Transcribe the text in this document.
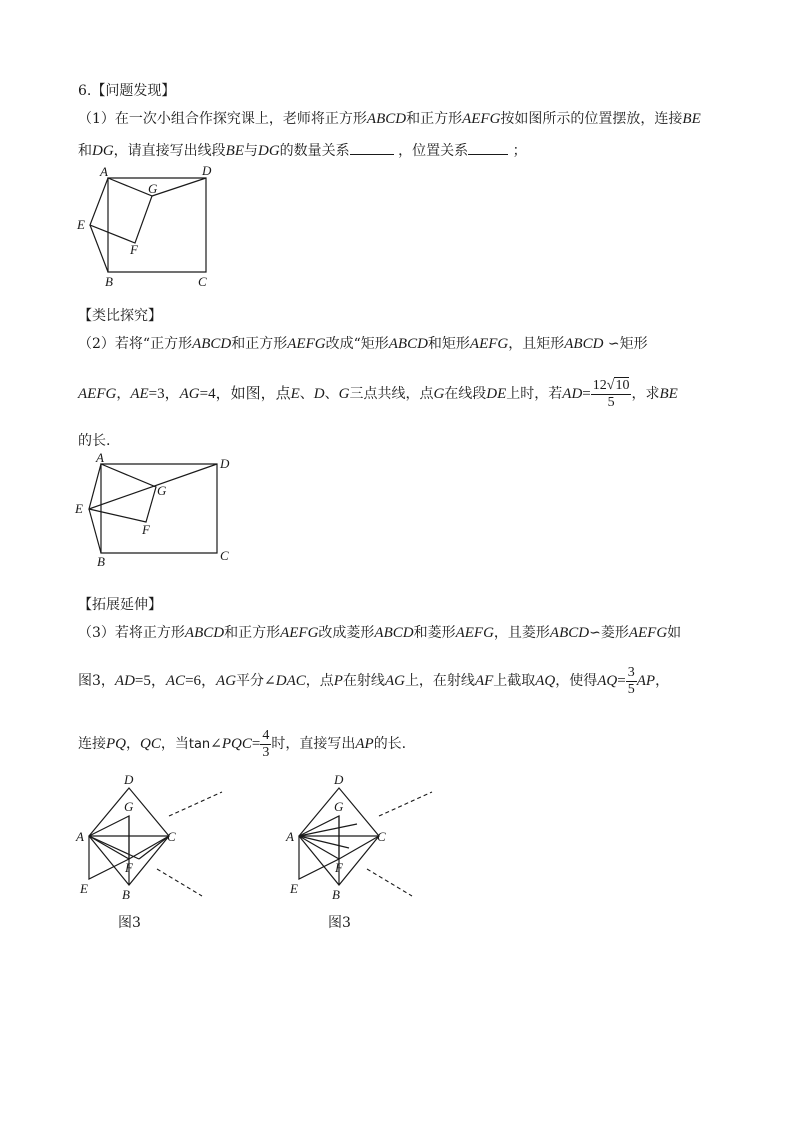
6.【问题发现】
（1）在一次小组合作探究课上，老师将正方形ABCD和正方形AEFG按如图所示的位置摆放，连接BE
和DG，请直接写出线段BE与DG的数量关系	，位置关系	；
A	D
G
E
F
B	C
【类比探究】
（2）若将“正方形ABCD和正方形AEFG改成“矩形ABCD和矩形AEFG，且矩形ABCD ∽矩形
AEFG，AE=3，AG=4，如图，点E、D、G三点共线，点G在线段DE上时，若$AD= \frac{12√10}{5}$ ，求BE
的长.
A	D
G
E
F
B	C
【拓展延伸】
（3）若将正方形ABCD和正方形AEFG改成菱形ABCD和菱形AEFG，且菱形ABCD∽菱形AEFG如
图3，AD=5，AC=6，AG平分∠DAC，点P在射线AG上，在射线AF上截取AQ，使得$AQ= \frac{3}{5}$ AP，
连接PQ，QC，当tan∠PQC= $\frac{4}{3}$ 时，直接写出AP的长.
D
G
A	C
F
E	B
图3
D
G
A	C
F
E	B
图3
